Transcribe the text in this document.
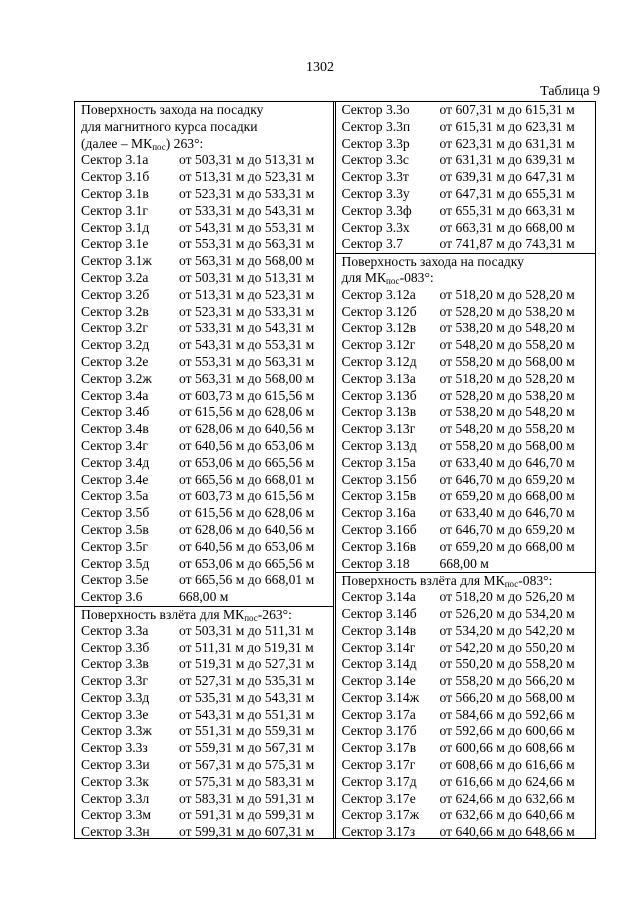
1302
Таблица 9
Поверхность захода на посадку
для магнитного курса посадки
(далее – $МК_{пос}$) 263°:
Сектор 3.1а	от 503,31 м до 513,31 м
Сектор 3.1б	от 513,31 м до 523,31 м
Сектор 3.1в	от 523,31 м до 533,31 м
Сектор 3.1г	от 533,31 м до 543,31 м
Сектор 3.1д	от 543,31 м до 553,31 м
Сектор 3.1е	от 553,31 м до 563,31 м
Сектор 3.1ж	от 563,31 м до 568,00 м
Сектор 3.2а	от 503,31 м до 513,31 м
Сектор 3.2б	от 513,31 м до 523,31 м
Сектор 3.2в	от 523,31 м до 533,31 м
Сектор 3.2г	от 533,31 м до 543,31 м
Сектор 3.2д	от 543,31 м до 553,31 м
Сектор 3.2е	от 553,31 м до 563,31 м
Сектор 3.2ж	от 563,31 м до 568,00 м
Сектор 3.4а	от 603,73 м до 615,56 м
Сектор 3.4б	от 615,56 м до 628,06 м
Сектор 3.4в	от 628,06 м до 640,56 м
Сектор 3.4г	от 640,56 м до 653,06 м
Сектор 3.4д	от 653,06 м до 665,56 м
Сектор 3.4е	от 665,56 м до 668,01 м
Сектор 3.5а	от 603,73 м до 615,56 м
Сектор 3.5б	от 615,56 м до 628,06 м
Сектор 3.5в	от 628,06 м до 640,56 м
Сектор 3.5г	от 640,56 м до 653,06 м
Сектор 3.5д	от 653,06 м до 665,56 м
Сектор 3.5е	от 665,56 м до 668,01 м
Сектор 3.6	668,00 м
Поверхность взлёта для $МК_{пос}-263^\circ$:
Сектор 3.3а	от 503,31 м до 511,31 м
Сектор 3.3б	от 511,31 м до 519,31 м
Сектор 3.3в	от 519,31 м до 527,31 м
Сектор 3.3г	от 527,31 м до 535,31 м
Сектор 3.3д	от 535,31 м до 543,31 м
Сектор 3.3е	от 543,31 м до 551,31 м
Сектор 3.3ж	от 551,31 м до 559,31 м
Сектор 3.3з	от 559,31 м до 567,31 м
Сектор 3.3и	от 567,31 м до 575,31 м
Сектор 3.3к	от 575,31 м до 583,31 м
Сектор 3.3л	от 583,31 м до 591,31 м
Сектор 3.3м	от 591,31 м до 599,31 м
Сектор 3.3н	от 599,31 м до 607,31 м
Сектор 3.3о	от 607,31 м до 615,31 м
Сектор 3.3п	от 615,31 м до 623,31 м
Сектор 3.3р	от 623,31 м до 631,31 м
Сектор 3.3с	от 631,31 м до 639,31 м
Сектор 3.3т	от 639,31 м до 647,31 м
Сектор 3.3у	от 647,31 м до 655,31 м
Сектор 3.3ф	от 655,31 м до 663,31 м
Сектор 3.3х	от 663,31 м до 668,00 м
Сектор 3.7	от 741,87 м до 743,31 м
Поверхность захода на посадку
для $МК_{пос}-083^\circ$:
Сектор 3.12а	от 518,20 м до 528,20 м
Сектор 3.12б	от 528,20 м до 538,20 м
Сектор 3.12в	от 538,20 м до 548,20 м
Сектор 3.12г	от 548,20 м до 558,20 м
Сектор 3.12д	от 558,20 м до 568,00 м
Сектор 3.13а	от 518,20 м до 528,20 м
Сектор 3.13б	от 528,20 м до 538,20 м
Сектор 3.13в	от 538,20 м до 548,20 м
Сектор 3.13г	от 548,20 м до 558,20 м
Сектор 3.13д	от 558,20 м до 568,00 м
Сектор 3.15а	от 633,40 м до 646,70 м
Сектор 3.15б	от 646,70 м до 659,20 м
Сектор 3.15в	от 659,20 м до 668,00 м
Сектор 3.16а	от 633,40 м до 646,70 м
Сектор 3.16б	от 646,70 м до 659,20 м
Сектор 3.16в	от 659,20 м до 668,00 м
Сектор 3.18	668,00 м
Поверхность взлёта для $МК_{пос}-083^\circ$:
Сектор 3.14а	от 518,20 м до 526,20 м
Сектор 3.14б	от 526,20 м до 534,20 м
Сектор 3.14в	от 534,20 м до 542,20 м
Сектор 3.14г	от 542,20 м до 550,20 м
Сектор 3.14д	от 550,20 м до 558,20 м
Сектор 3.14е	от 558,20 м до 566,20 м
Сектор 3.14ж	от 566,20 м до 568,00 м
Сектор 3.17а	от 584,66 м до 592,66 м
Сектор 3.17б	от 592,66 м до 600,66 м
Сектор 3.17в	от 600,66 м до 608,66 м
Сектор 3.17г	от 608,66 м до 616,66 м
Сектор 3.17д	от 616,66 м до 624,66 м
Сектор 3.17е	от 624,66 м до 632,66 м
Сектор 3.17ж	от 632,66 м до 640,66 м
Сектор 3.17з	от 640,66 м до 648,66 м
